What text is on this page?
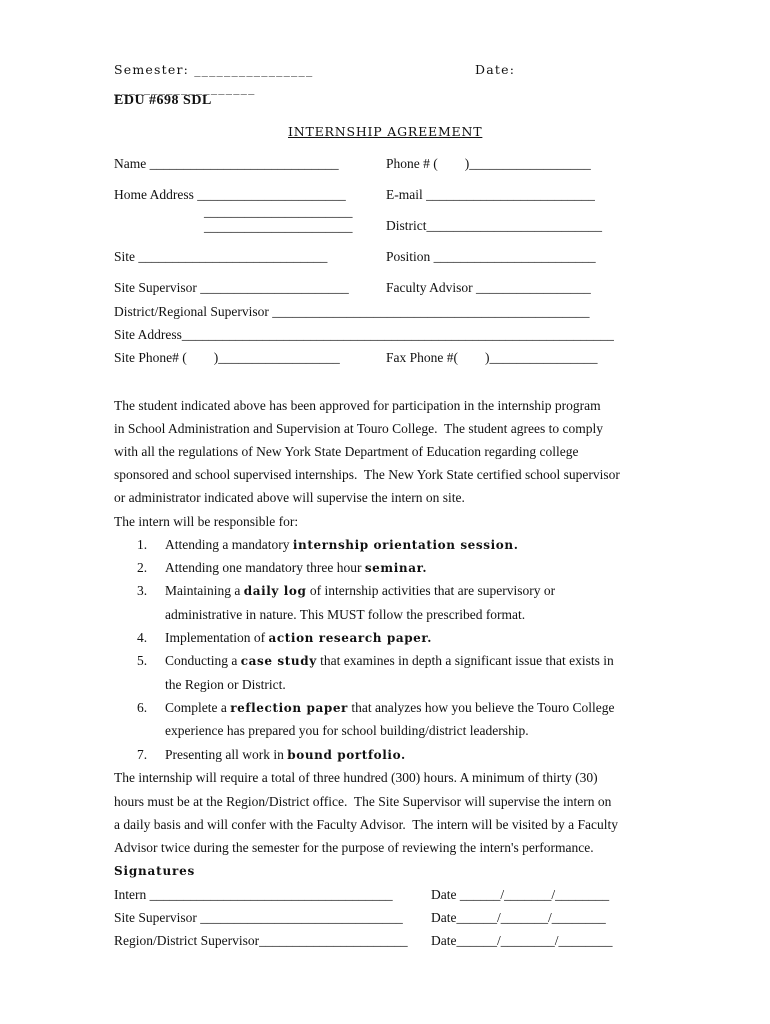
Semester: ________________	Date:
___________________
EDU #698 SDL
INTERNSHIP AGREEMENT
Name ____________________________	Phone # (        )__________________
Home Address ______________________	E-mail _________________________
______________________
District__________________________
______________________
Site ____________________________	Position ________________________
Site Supervisor ______________________	Faculty Advisor _________________
District/Regional Supervisor _______________________________________________
Site Address________________________________________________________________
Site Phone# (        )__________________	Fax Phone #(        )________________
The student indicated above has been approved for participation in the internship program
in School Administration and Supervision at Touro College.  The student agrees to comply
with all the regulations of New York State Department of Education regarding college
sponsored and school supervised internships.  The New York State certified school supervisor
or administrator indicated above will supervise the intern on site.
The intern will be responsible for:
1. Attending a mandatory internship orientation session.
2. Attending one mandatory three hour seminar.
3. Maintaining a daily log of internship activities that are supervisory or
administrative in nature. This MUST follow the prescribed format.
4. Implementation of action research paper.
5. Conducting a case study that examines in depth a significant issue that exists in
the Region or District.
6. Complete a reflection paper that analyzes how you believe the Touro College
experience has prepared you for school building/district leadership.
7. Presenting all work in bound portfolio.
The internship will require a total of three hundred (300) hours. A minimum of thirty (30)
hours must be at the Region/District office.  The Site Supervisor will supervise the intern on
a daily basis and will confer with the Faculty Advisor.  The intern will be visited by a Faculty
Advisor twice during the semester for the purpose of reviewing the intern's performance.
Signatures
Intern ____________________________________	Date ______/_______/________
Site Supervisor ______________________________ Date______/_______/________
Region/District Supervisor______________________ Date______/________/________
